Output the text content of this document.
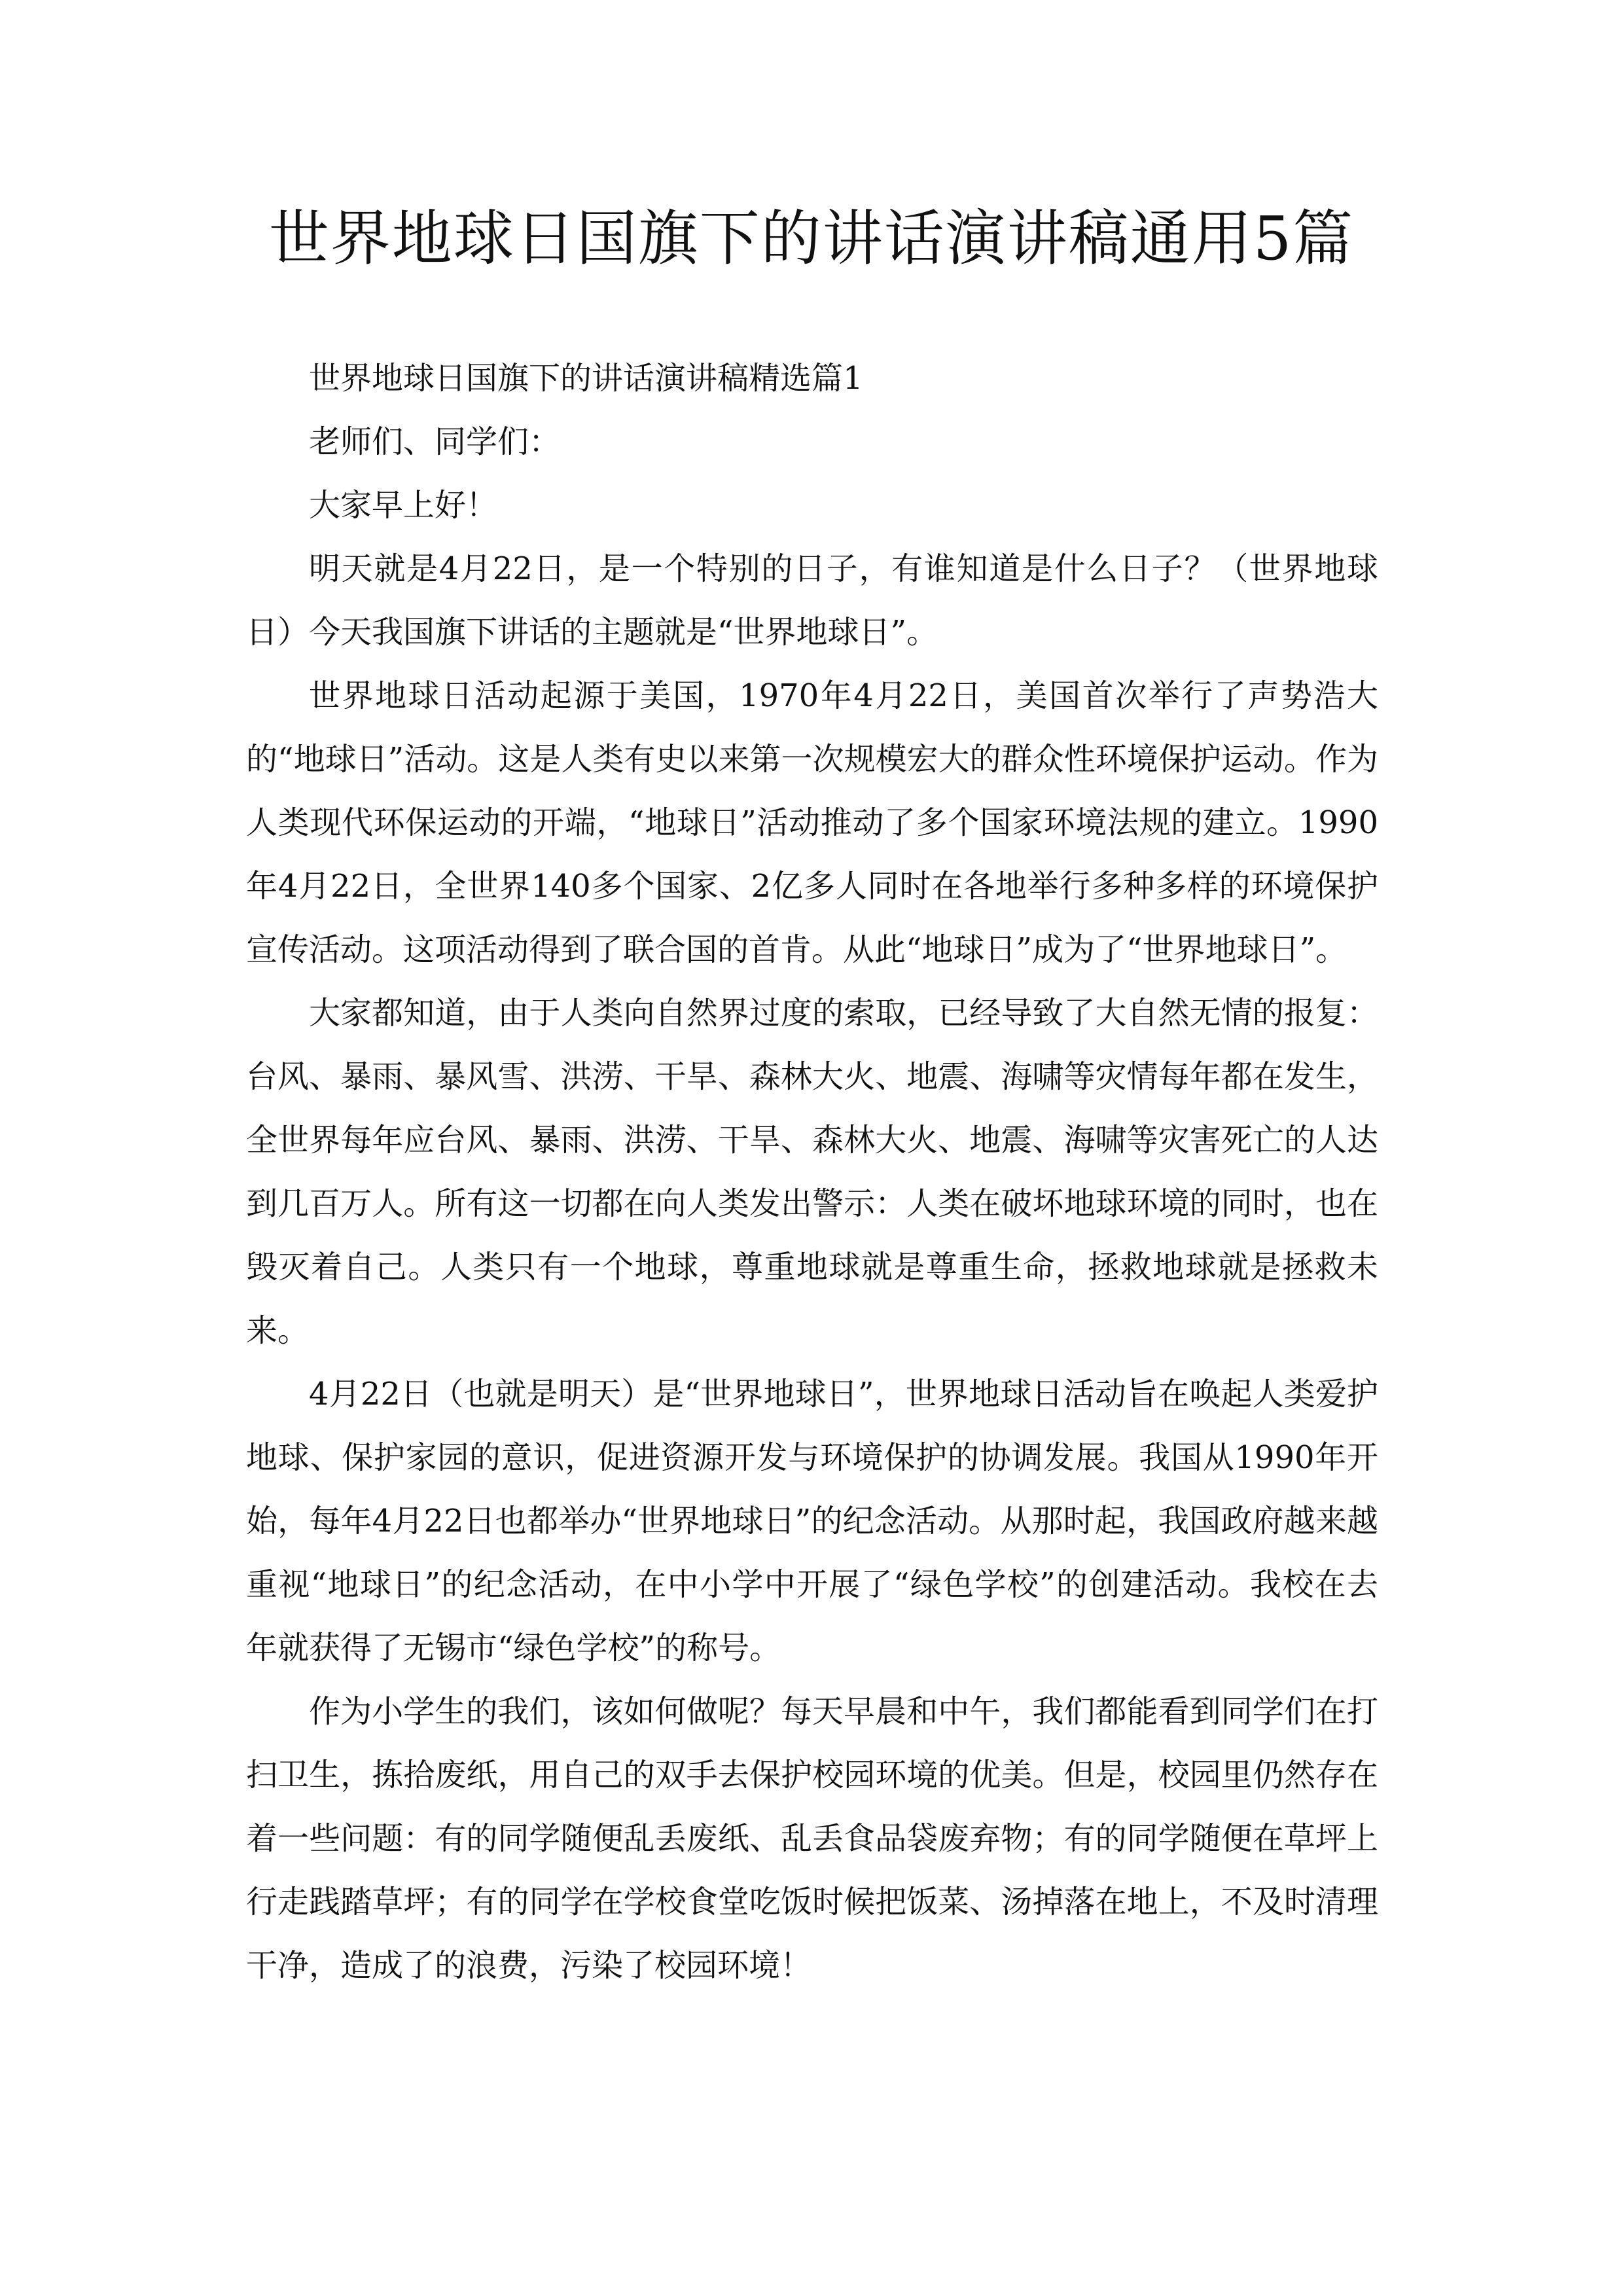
世界地球日国旗下的讲话演讲稿通用5篇

世界地球日国旗下的讲话演讲稿精选篇1

老师们、同学们：

大家早上好！

明天就是4月22日，是一个特别的日子，有谁知道是什么日子？（世界地球日）今天我国旗下讲话的主题就是“世界地球日”。

世界地球日活动起源于美国，1970年4月22日，美国首次举行了声势浩大的“地球日”活动。这是人类有史以来第一次规模宏大的群众性环境保护运动。作为人类现代环保运动的开端，“地球日”活动推动了多个国家环境法规的建立。1990年4月22日，全世界140多个国家、2亿多人同时在各地举行多种多样的环境保护宣传活动。这项活动得到了联合国的首肯。从此“地球日”成为了“世界地球日”。

大家都知道，由于人类向自然界过度的索取，已经导致了大自然无情的报复：台风、暴雨、暴风雪、洪涝、干旱、森林大火、地震、海啸等灾情每年都在发生，全世界每年应台风、暴雨、洪涝、干旱、森林大火、地震、海啸等灾害死亡的人达到几百万人。所有这一切都在向人类发出警示：人类在破坏地球环境的同时，也在毁灭着自己。人类只有一个地球，尊重地球就是尊重生命，拯救地球就是拯救未来。

4月22日（也就是明天）是“世界地球日”，世界地球日活动旨在唤起人类爱护地球、保护家园的意识，促进资源开发与环境保护的协调发展。我国从1990年开始，每年4月22日也都举办“世界地球日”的纪念活动。从那时起，我国政府越来越重视“地球日”的纪念活动，在中小学中开展了“绿色学校”的创建活动。我校在去年就获得了无锡市“绿色学校”的称号。

作为小学生的我们，该如何做呢？每天早晨和中午，我们都能看到同学们在打扫卫生，拣拾废纸，用自己的双手去保护校园环境的优美。但是，校园里仍然存在着一些问题：有的同学随便乱丢废纸、乱丢食品袋废弃物；有的同学随便在草坪上行走践踏草坪；有的同学在学校食堂吃饭时候把饭菜、汤掉落在地上，不及时清理干净，造成了的浪费，污染了校园环境！
